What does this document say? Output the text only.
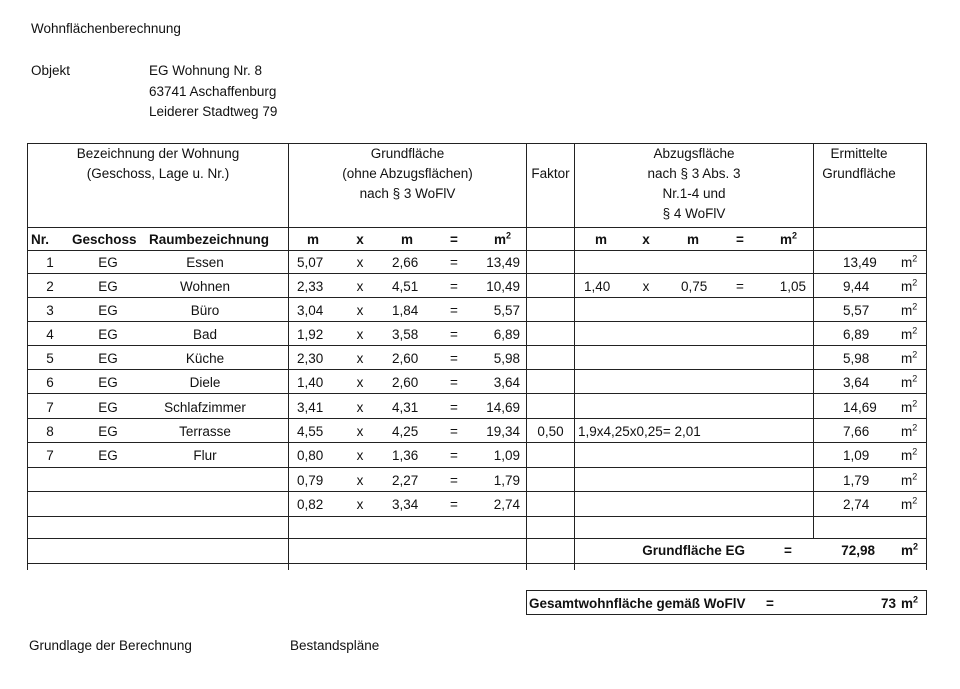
Wohnflächenberechnung
Objekt	EG Wohnung Nr. 8
63741 Aschaffenburg
Leiderer Stadtweg 79
Bezeichnung der Wohnung
(Geschoss, Lage u. Nr.)
Grundfläche
(ohne Abzugsflächen)
nach § 3 WoFlV
Faktor
Abzugsfläche
nach § 3 Abs. 3
Nr.1-4 und
§ 4 WoFlV
Ermittelte
Grundfläche
Nr. Geschoss Raumbezeichnung	m	x	m	=	$m^2$	m	x	m	=	$m^2$
1	EG	Essen	5,07	x	2,66	=	13,49	13,49 $m^2$
2	EG	Wohnen	2,33	x	4,51	=	10,49	1,40	x	0,75	=	1,05	9,44 $m^2$
3	EG	Büro	3,04	x	1,84	=	5,57	5,57 $m^2$
4	EG	Bad	1,92	x	3,58	=	6,89	6,89 $m^2$
5	EG	Küche	2,30	x	2,60	=	5,98	5,98 $m^2$
6	EG	Diele	1,40	x	2,60	=	3,64	3,64 $m^2$
7	EG	Schlafzimmer	3,41	x	4,31	=	14,69	14,69 $m^2$
8	EG	Terrasse	4,55	x	4,25	=	19,34	0,50	1,9x4,25x0,25= 2,01	7,66 $m^2$
7	EG	Flur	0,80	x	1,36	=	1,09	1,09 $m^2$
0,79	x	2,27	=	1,79	1,79 $m^2$
0,82	x	3,34	=	2,74	2,74 $m^2$
Grundfläche EG	=	72,98 $m^2$
Gesamtwohnfläche gemäß WoFlV =	73 $m^2$
Grundlage der Berechnung	Bestandspläne
